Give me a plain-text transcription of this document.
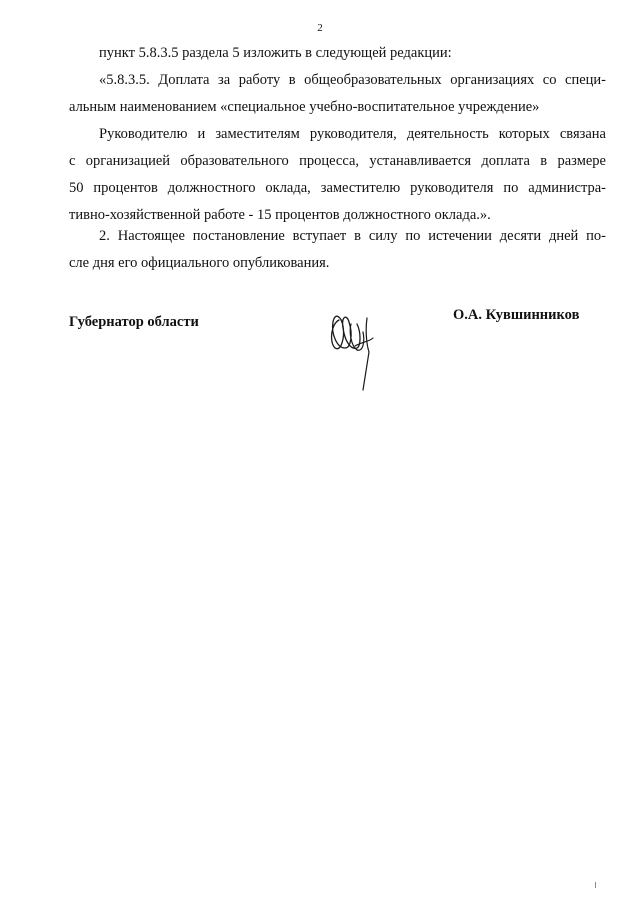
2
пункт 5.8.3.5 раздела 5 изложить в следующей редакции:
«5.8.3.5. Доплата за работу в общеобразовательных организациях со специ-
альным наименованием «специальное учебно-воспитательное учреждение»
Руководителю и заместителям руководителя, деятельность которых связана
с организацией образовательного процесса, устанавливается доплата в размере
50 процентов должностного оклада, заместителю руководителя по администра-
тивно-хозяйственной работе - 15 процентов должностного оклада.».
2. Настоящее постановление вступает в силу по истечении десяти дней по-
сле дня его официального опубликования.
Губернатор области	О.А. Кувшинников
